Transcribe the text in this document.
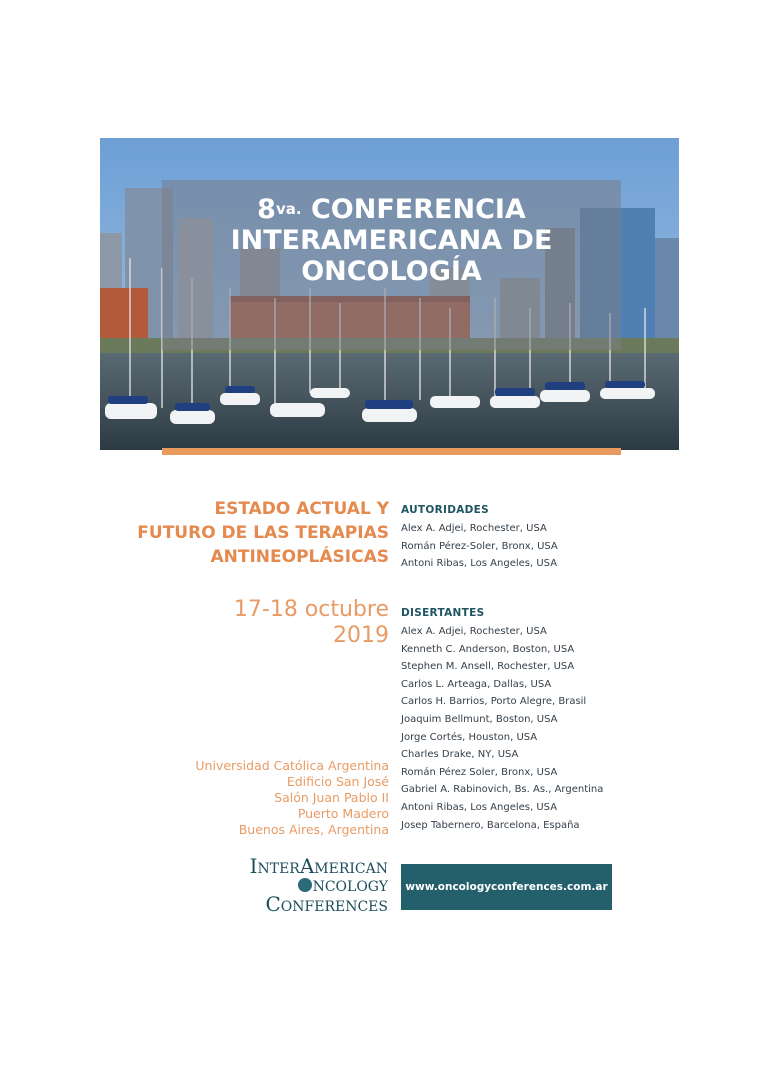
$8^{va.}$ CONFERENCIA
INTERAMERICANA DE
ONCOLOGÍA
ESTADO ACTUAL Y
FUTURO DE LAS TERAPIAS
ANTINEOPLÁSICAS
17-18 octubre
2019
Universidad Católica Argentina
Edificio San José
Salón Juan Pablo II
Puerto Madero
Buenos Aires, Argentina
AUTORIDADES
Alex A. Adjei, Rochester, USA
Román Pérez-Soler, Bronx, USA
Antoni Ribas, Los Angeles, USA
DISERTANTES
Alex A. Adjei, Rochester, USA
Kenneth C. Anderson, Boston, USA
Stephen M. Ansell, Rochester, USA
Carlos L. Arteaga, Dallas, USA
Carlos H. Barrios, Porto Alegre, Brasil
Joaquim Bellmunt, Boston, USA
Jorge Cortés, Houston, USA
Charles Drake, NY, USA
Román Pérez Soler, Bronx, USA
Gabriel A. Rabinovich, Bs. As., Argentina
Antoni Ribas, Los Angeles, USA
Josep Tabernero, Barcelona, España
INTERAMERICAN
NCOLOGY
CONFERENCES
www.oncologyconferences.com.ar
